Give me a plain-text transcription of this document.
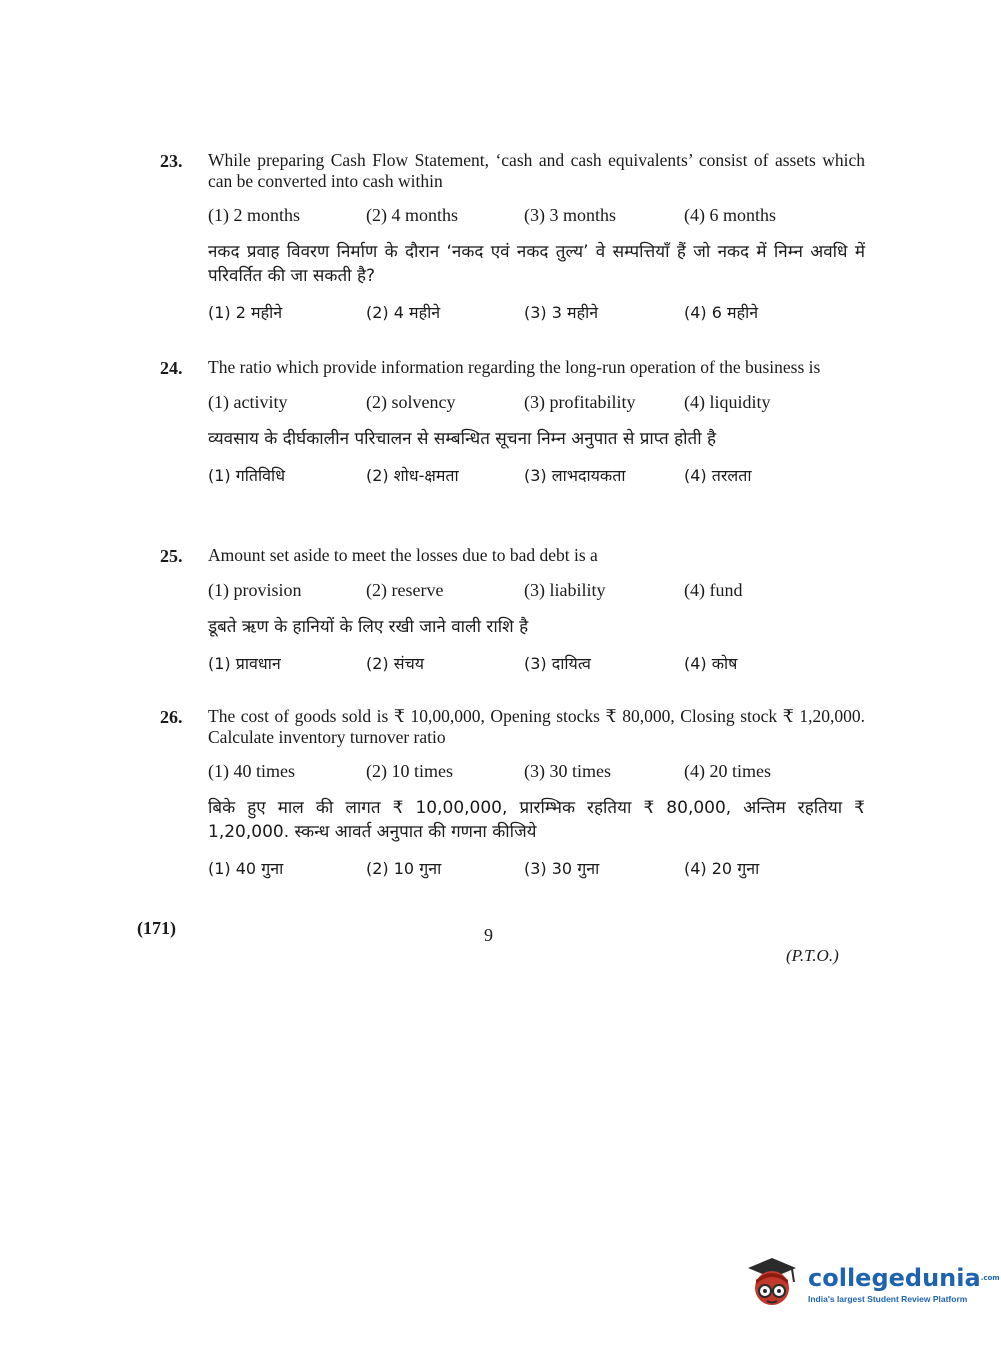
23.	While preparing Cash Flow Statement, ‘cash and cash equivalents’ consist of assets which can be converted into cash within
(1) 2 months	(2) 4 months	(3) 3 months	(4) 6 months
नकद प्रवाह विवरण निर्माण के दौरान ‘नकद एवं नकद तुल्य’ वे सम्पत्तियाँ हैं जो नकद में निम्न अवधि में परिवर्तित की जा सकती है?
(1) 2 महीने	(2) 4 महीने	(3) 3 महीने	(4) 6 महीने
24.	The ratio which provide information regarding the long-run operation of the business is
(1) activity	(2) solvency	(3) profitability	(4) liquidity
व्यवसाय के दीर्घकालीन परिचालन से सम्बन्धित सूचना निम्न अनुपात से प्राप्त होती है
(1) गतिविधि	(2) शोध-क्षमता	(3) लाभदायकता	(4) तरलता
25.	Amount set aside to meet the losses due to bad debt is a
(1) provision	(2) reserve	(3) liability	(4) fund
डूबते ऋण के हानियों के लिए रखी जाने वाली राशि है
(1) प्रावधान	(2) संचय	(3) दायित्व	(4) कोष
26.	The cost of goods sold is ₹ 10,00,000, Opening stocks ₹ 80,000, Closing stock ₹ 1,20,000. Calculate inventory turnover ratio
(1) 40 times	(2) 10 times	(3) 30 times	(4) 20 times
बिके हुए माल की लागत ₹ 10,00,000, प्रारम्भिक रहतिया ₹ 80,000, अन्तिम रहतिया ₹ 1,20,000. स्कन्ध आवर्त अनुपात की गणना कीजिये
(1) 40 गुना	(2) 10 गुना	(3) 30 गुना	(4) 20 गुना
(171)	9
(P.T.O.)
collegedunia$^{.com}$
India's largest Student Review Platform
